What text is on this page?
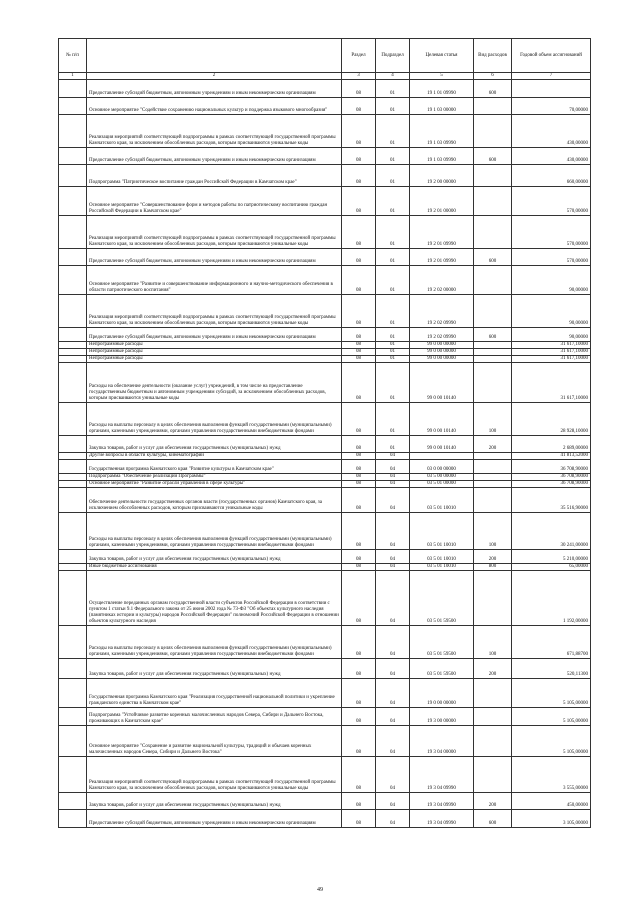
№ п/п		Раздел	Подраздел	Целевая статья	Вид расходов	Годовой объем ассигнований
1	2	3	4	5	6	7
	Предоставление субсидий бюджетным, автономным учреждениям и иным некоммерческим организациям	08	01	19 1 01 09990	600	
	Основное мероприятие "Содействие сохранению национальных культур и поддержка языкового многообразия"	08	01	19 1 03 00000		70,00000
	Реализация мероприятий соответствующей подпрограммы в рамках соответствующей государственной программы Камчатского края, за исключением обособленных расходов, которым присваиваются уникальные коды	08	01	19 1 03 09990		430,00000
	Предоставление субсидий бюджетным, автономным учреждениям и иным некоммерческим организациям	08	01	19 1 03 09990	600	430,00000
	Подпрограмма "Патриотическое воспитание граждан Российской Федерации в Камчатском крае"	08	01	19 2 00 00000		660,00000
	Основное мероприятие "Совершенствование форм и методов работы по патриотическому воспитанию граждан Российской Федерации в Камчатском крае"	08	01	19 2 01 00000		570,00000
	Реализация мероприятий соответствующей подпрограммы в рамках соответствующей государственной программы Камчатского края, за исключением обособленных расходов, которым присваиваются уникальные коды	08	01	19 2 01 09990		570,00000
	Предоставление субсидий бюджетным, автономным учреждениям и иным некоммерческим организациям	08	01	19 2 01 09990	600	570,00000
	Основное мероприятие "Развитие и совершенствование информационного и научно-методического обеспечения в области патриотического воспитания"	08	01	19 2 02 00000		90,00000
	Реализация мероприятий соответствующей подпрограммы в рамках соответствующей государственной программы Камчатского края, за исключением обособленных расходов, которым присваиваются уникальные коды	08	01	19 2 02 09990		90,00000
	Предоставление субсидий бюджетным, автономным учреждениям и иным некоммерческим организациям	08	01	19 2 02 09990	600	90,00000
	Непрограммные расходы	08	01	99 0 00 00000		31 617,10000
	Непрограммные расходы	08	01	99 0 00 00000		31 617,10000
	Непрограммные расходы	08	01	99 0 00 00000		31 617,10000
	Расходы на обеспечение деятельности (оказание услуг) учреждений, в том числе на предоставление государственным бюджетным и автономным учреждениям субсидий, за исключением обособленных расходов, которым присваиваются уникальные коды	08	01	99 0 00 10140		31 617,10000
	Расходы на выплаты персоналу в целях обеспечения выполнения функций государственными (муниципальными) органами, казенными учреждениями, органами управления государственными внебюджетными фондами	08	01	99 0 00 10140	100	28 928,10000
	Закупка товаров, работ и услуг для обеспечения государственных (муниципальных) нужд	08	01	99 0 00 10140	200	2 689,00000
	Другие вопросы в области культуры, кинематографии	08	04			41 813,52000
	Государственная программа Камчатского края "Развитие культуры в Камчатском крае"	08	04	03 0 00 00000		36 708,90000
	Подпрограмма "Обеспечение реализации Программы"	08	04	03 5 00 00000		36 708,90000
	Основное мероприятие "Развитие отрасли управления в сфере культуры"	08	04	03 5 01 00000		36 708,90000
	Обеспечение деятельности государственных органов власти (государственных органов) Камчатского края, за исключением обособленных расходов, которым присваиваются уникальные коды	08	04	03 5 01 10010		35 516,90000
	Расходы на выплаты персоналу в целях обеспечения выполнения функций государственными (муниципальными) органами, казенными учреждениями, органами управления государственными внебюджетными фондами	08	04	03 5 01 10010	100	30 241,00000
	Закупка товаров, работ и услуг для обеспечения государственных (муниципальных) нужд	08	04	03 5 01 10010	200	5 210,00000
	Иные бюджетные ассигнования	08	04	03 5 01 10010	800	65,00000
	Осуществление переданных органам государственной власти субъектов Российской Федерации в соответствии с пунктом 1 статьи 9.1 Федерального закона от 25 июня 2002 года № 73-ФЗ "Об объектах культурного наследия (памятниках истории и культуры) народов Российской Федерации" полномочий Российской Федерации в отношении объектов культурного наследия	08	04	03 5 01 59500		1 192,00000
	Расходы на выплаты персоналу в целях обеспечения выполнения функций государственными (муниципальными) органами, казенными учреждениями, органами управления государственными внебюджетными фондами	08	04	03 5 01 59500	100	671,88700
	Закупка товаров, работ и услуг для обеспечения государственных (муниципальных) нужд	08	04	03 5 01 59500	200	520,11300
	Государственная программа Камчатского края "Реализация государственной национальной политики и укрепление гражданского единства в Камчатском крае"	08	04	19 0 00 00000		5 105,00000
	Подпрограмма "Устойчивое развитие коренных малочисленных народов Севера, Сибири и Дальнего Востока, проживающих в Камчатском крае"	08	04	19 3 00 00000		5 105,00000
	Основное мероприятие "Сохранение и развитие национальной культуры, традиций и обычаев коренных малочисленных народов Севера, Сибири и Дальнего Востока"	08	04	19 3 04 00000		5 105,00000
	Реализация мероприятий соответствующей подпрограммы в рамках соответствующей государственной программы Камчатского края, за исключением обособленных расходов, которым присваиваются уникальные коды	08	04	19 3 04 09990		3 555,00000
	Закупка товаров, работ и услуг для обеспечения государственных (муниципальных) нужд	08	04	19 3 04 09990	200	450,00000
	Предоставление субсидий бюджетным, автономным учреждениям и иным некоммерческим организациям	08	04	19 3 04 09990	600	3 105,00000
49
